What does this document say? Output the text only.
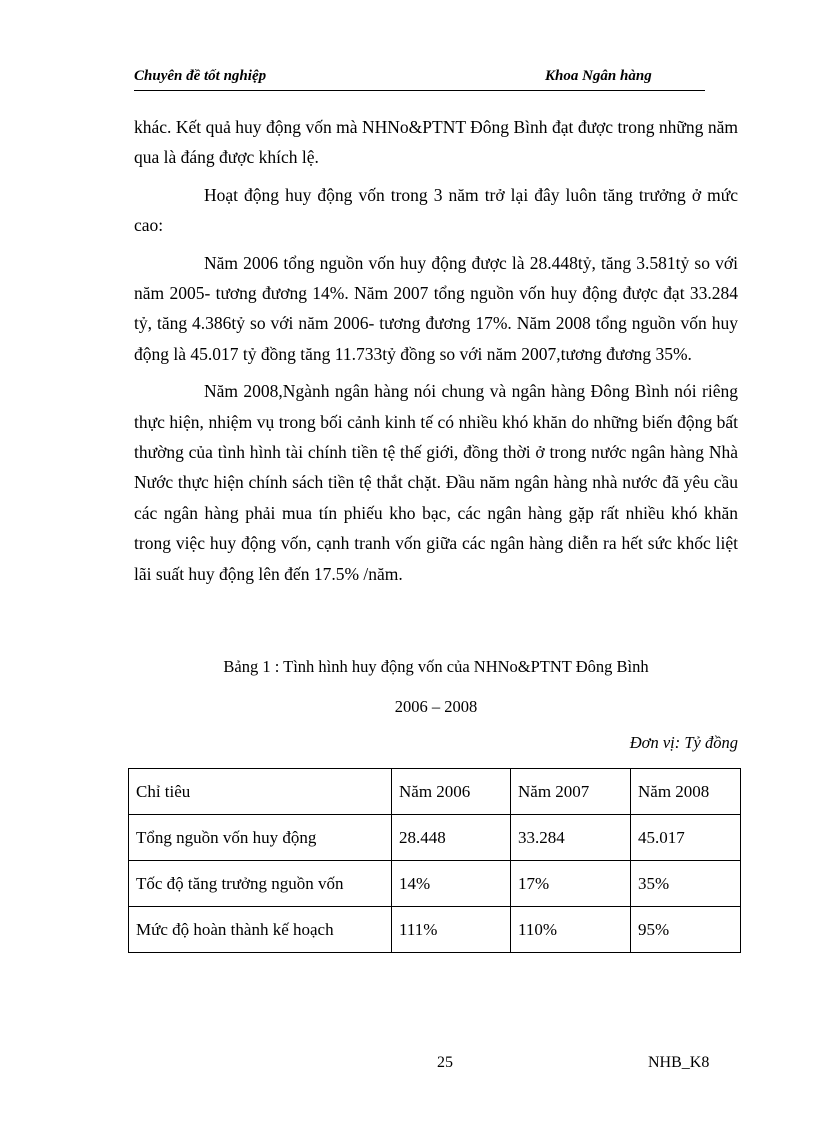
Chuyên đề tốt nghiệp	Khoa Ngân hàng

khác. Kết quả huy động vốn mà NHNo&PTNT Đông Bình đạt được trong những năm qua là đáng được khích lệ.

Hoạt động huy động vốn trong 3 năm trở lại đây luôn tăng trưởng ở mức cao:

Năm 2006 tổng nguồn vốn huy động được là 28.448tỷ, tăng 3.581tỷ so với năm 2005- tương đương 14%. Năm 2007 tổng nguồn vốn huy động được đạt 33.284 tỷ, tăng 4.386tỷ so với năm 2006- tương đương 17%. Năm 2008 tổng nguồn vốn huy động là 45.017 tỷ đồng tăng 11.733tỷ đồng so với năm 2007,tương đương 35%.

Năm 2008,Ngành ngân hàng nói chung và ngân hàng Đông Bình nói riêng thực hiện, nhiệm vụ trong bối cảnh kinh tế có nhiều khó khăn do những biến động bất thường của tình hình tài chính tiền tệ thế giới, đồng thời ở trong nước ngân hàng Nhà Nước thực hiện chính sách tiền tệ thắt chặt. Đầu năm ngân hàng nhà nước đã yêu cầu các ngân hàng phải mua tín phiếu kho bạc, các ngân hàng gặp rất nhiều khó khăn trong việc huy động vốn, cạnh tranh vốn giữa các ngân hàng diễn ra hết sức khốc liệt lãi suất huy động lên đến 17.5% /năm.

Bảng 1 : Tình hình huy động vốn của NHNo&PTNT Đông Bình
2006 – 2008
Đơn vị: Tỷ đồng
Chỉ tiêu	Năm 2006	Năm 2007	Năm 2008
Tổng nguồn vốn huy động	28.448	33.284	45.017
Tốc độ tăng trưởng nguồn vốn	14%	17%	35%
Mức độ hoàn thành kế hoạch	111%	110%	95%
25	NHB_K8
